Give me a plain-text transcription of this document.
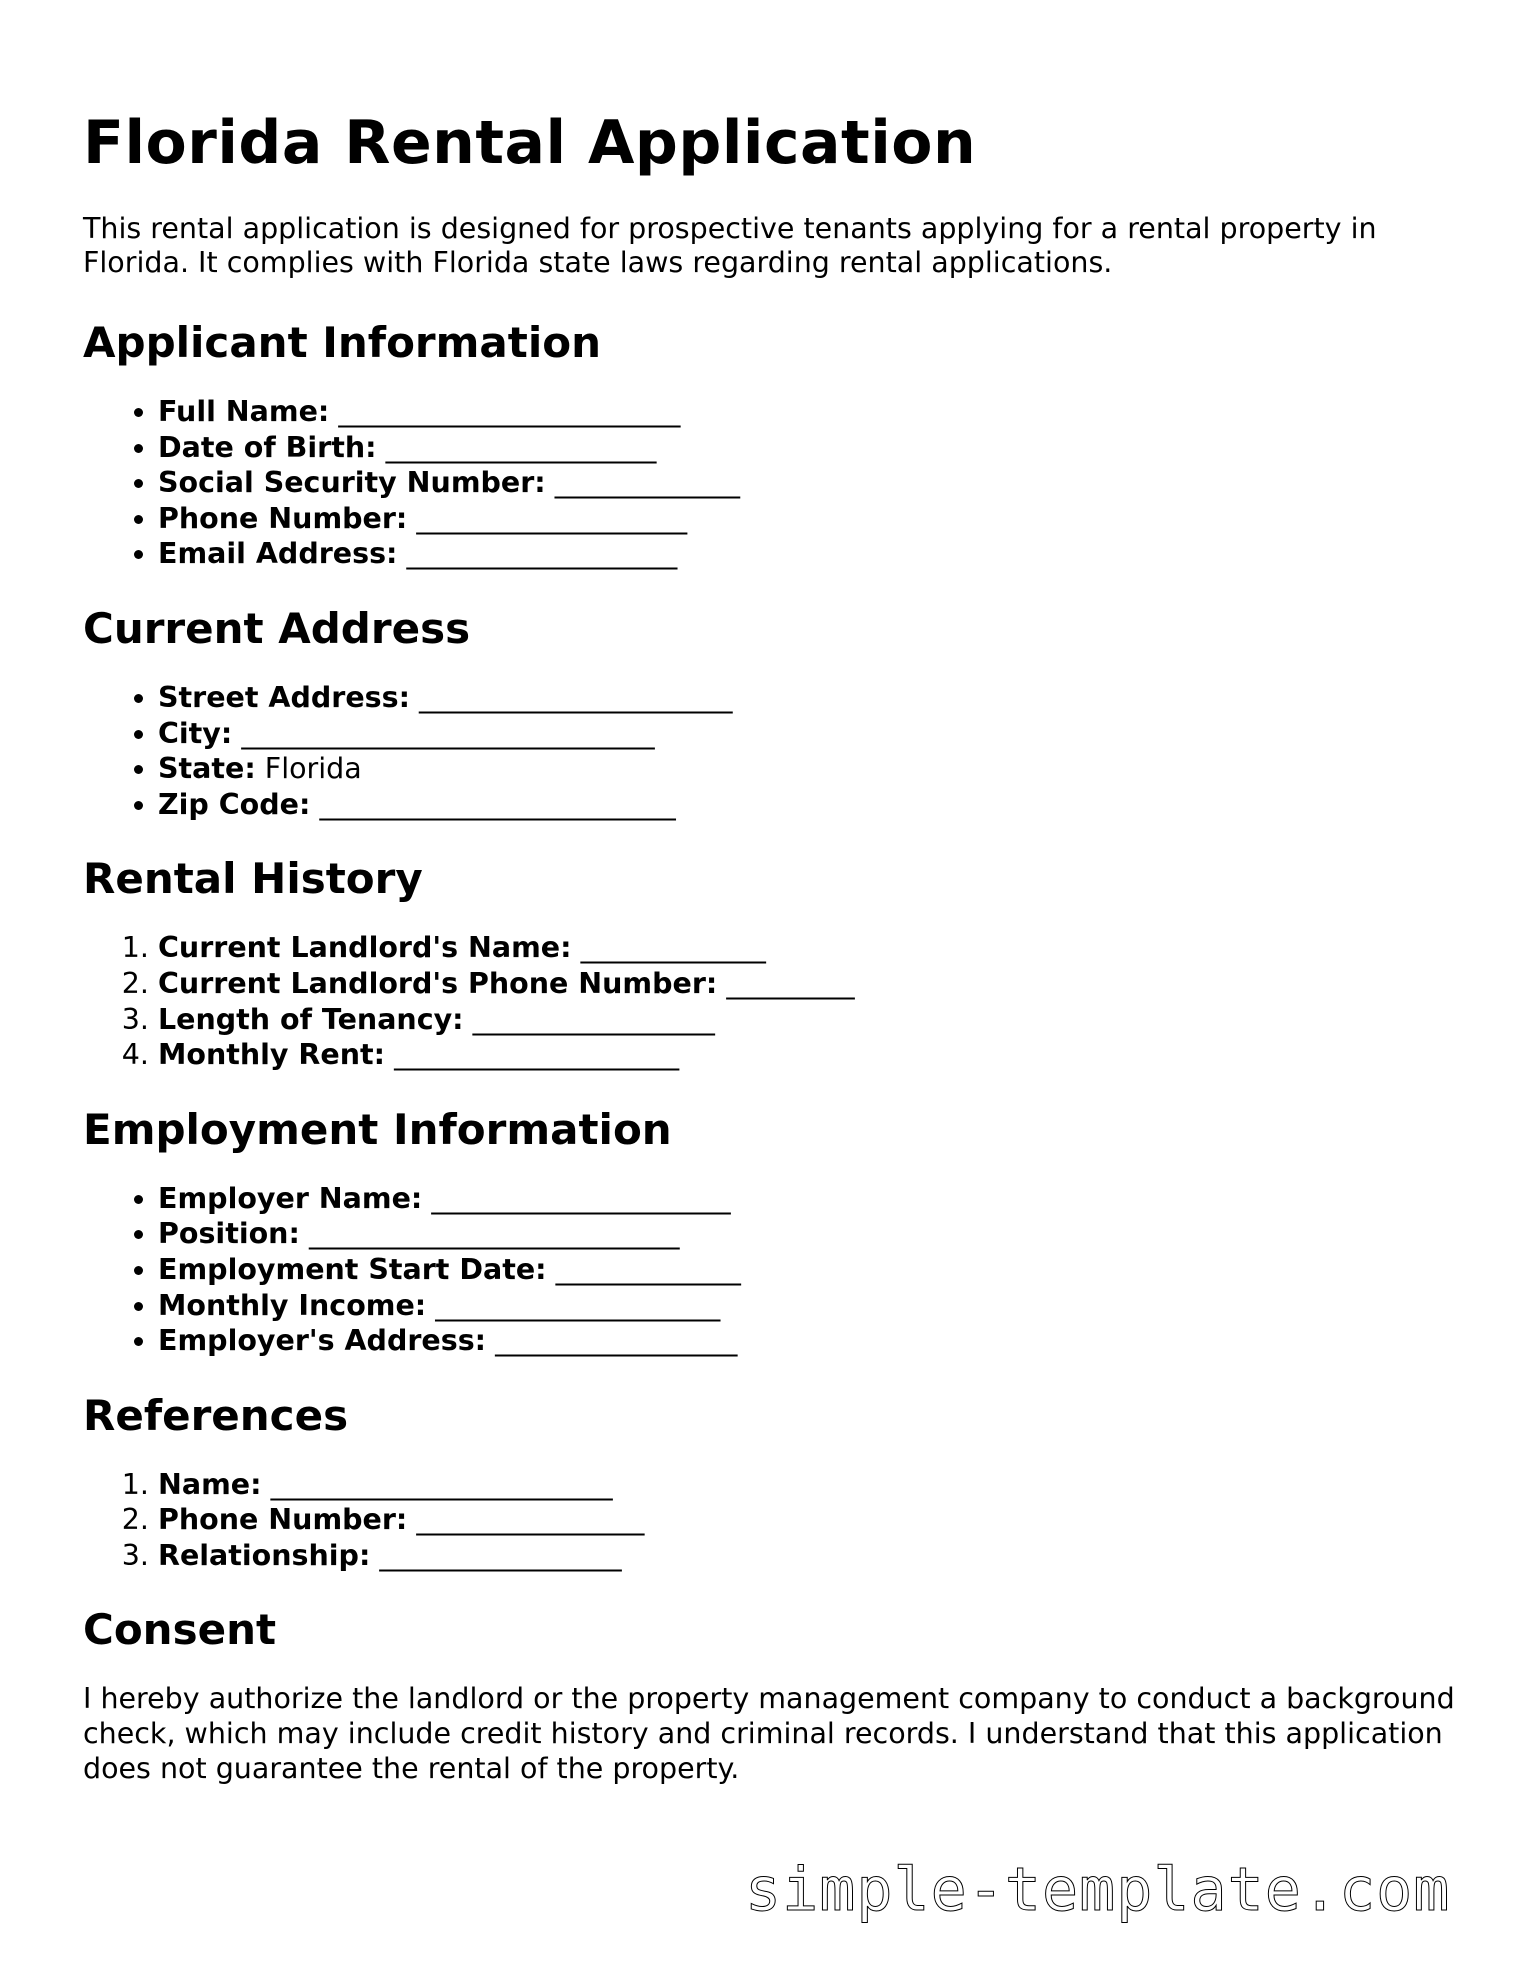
Florida Rental Application

This rental application is designed for prospective tenants applying for a rental property in Florida. It complies with Florida state laws regarding rental applications.

Applicant Information
• Full Name: ________________________
• Date of Birth: ___________________
• Social Security Number: _____________
• Phone Number: ___________________
• Email Address: ___________________
Current Address
• Street Address: ______________________
• City: _____________________________
• State: Florida
• Zip Code: _________________________
Rental History
1. Current Landlord's Name: _____________
2. Current Landlord's Phone Number: _________
3. Length of Tenancy: _________________
4. Monthly Rent: ____________________
Employment Information
• Employer Name: _____________________
• Position: __________________________
• Employment Start Date: _____________
• Monthly Income: ____________________
• Employer's Address: _________________
References
1. Name: ________________________
2. Phone Number: ________________
3. Relationship: _________________
Consent

I hereby authorize the landlord or the property management company to conduct a background check, which may include credit history and criminal records. I understand that this application does not guarantee the rental of the property.

simple-template.com
